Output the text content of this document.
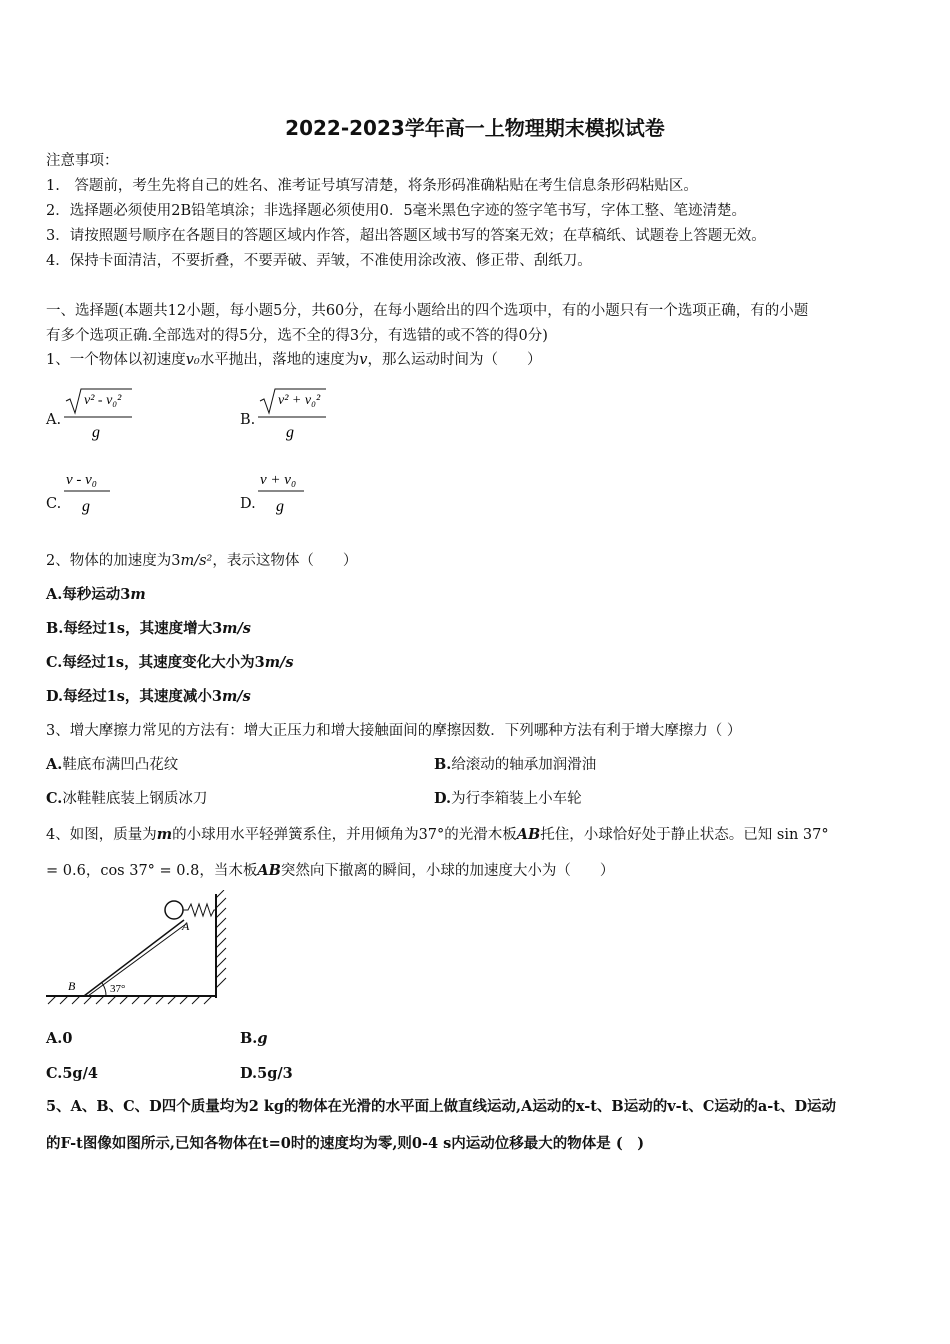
2022-2023学年高一上物理期末模拟试卷
注意事项：
1.　答题前，考生先将自己的姓名、准考证号填写清楚，将条形码准确粘贴在考生信息条形码粘贴区。
2．选择题必须使用2B铅笔填涂；非选择题必须使用0．5毫米黑色字迹的签字笔书写，字体工整、笔迹清楚。
3．请按照题号顺序在各题目的答题区域内作答，超出答题区域书写的答案无效；在草稿纸、试题卷上答题无效。
4．保持卡面清洁，不要折叠，不要弄破、弄皱，不准使用涂改液、修正带、刮纸刀。
一、选择题(本题共12小题，每小题5分，共60分，在每小题给出的四个选项中，有的小题只有一个选项正确，有的小题
有多个选项正确.全部选对的得5分，选不全的得3分，有选错的或不答的得0分)
1、一个物体以初速度v₀水平抛出，落地的速度为v，那么运动时间为（　　）
A.
v² - v₀²
g
B.
v² + v₀²
g
C.
v - v₀
g	D.
v + v₀
g
2、物体的加速度为3m/s²，表示这物体（　　）
A.每秒运动3m
B.每经过1s，其速度增大3m/s
C.每经过1s，其速度变化大小为3m/s
D.每经过1s，其速度减小3m/s
3、增大摩擦力常见的方法有：增大正压力和增大接触面间的摩擦因数．下列哪种方法有利于增大摩擦力（ ）
A.鞋底布满凹凸花纹	B.给滚动的轴承加润滑油
C.冰鞋鞋底装上钢质冰刀	D.为行李箱装上小车轮
4、如图，质量为m的小球用水平轻弹簧系住，并用倾角为37°的光滑木板AB托住，小球恰好处于静止状态。已知 sin 37°
= 0.6，cos 37° = 0.8，当木板AB突然向下撤离的瞬间，小球的加速度大小为（　　）
A
B	37°
A.0	B.g
C.5g/4	D.5g/3
5、A、B、C、D四个质量均为2 kg的物体在光滑的水平面上做直线运动,A运动的x-t、B运动的v-t、C运动的a-t、D运动
的F-t图像如图所示,已知各物体在t=0时的速度均为零,则0-4 s内运动位移最大的物体是 (　)
